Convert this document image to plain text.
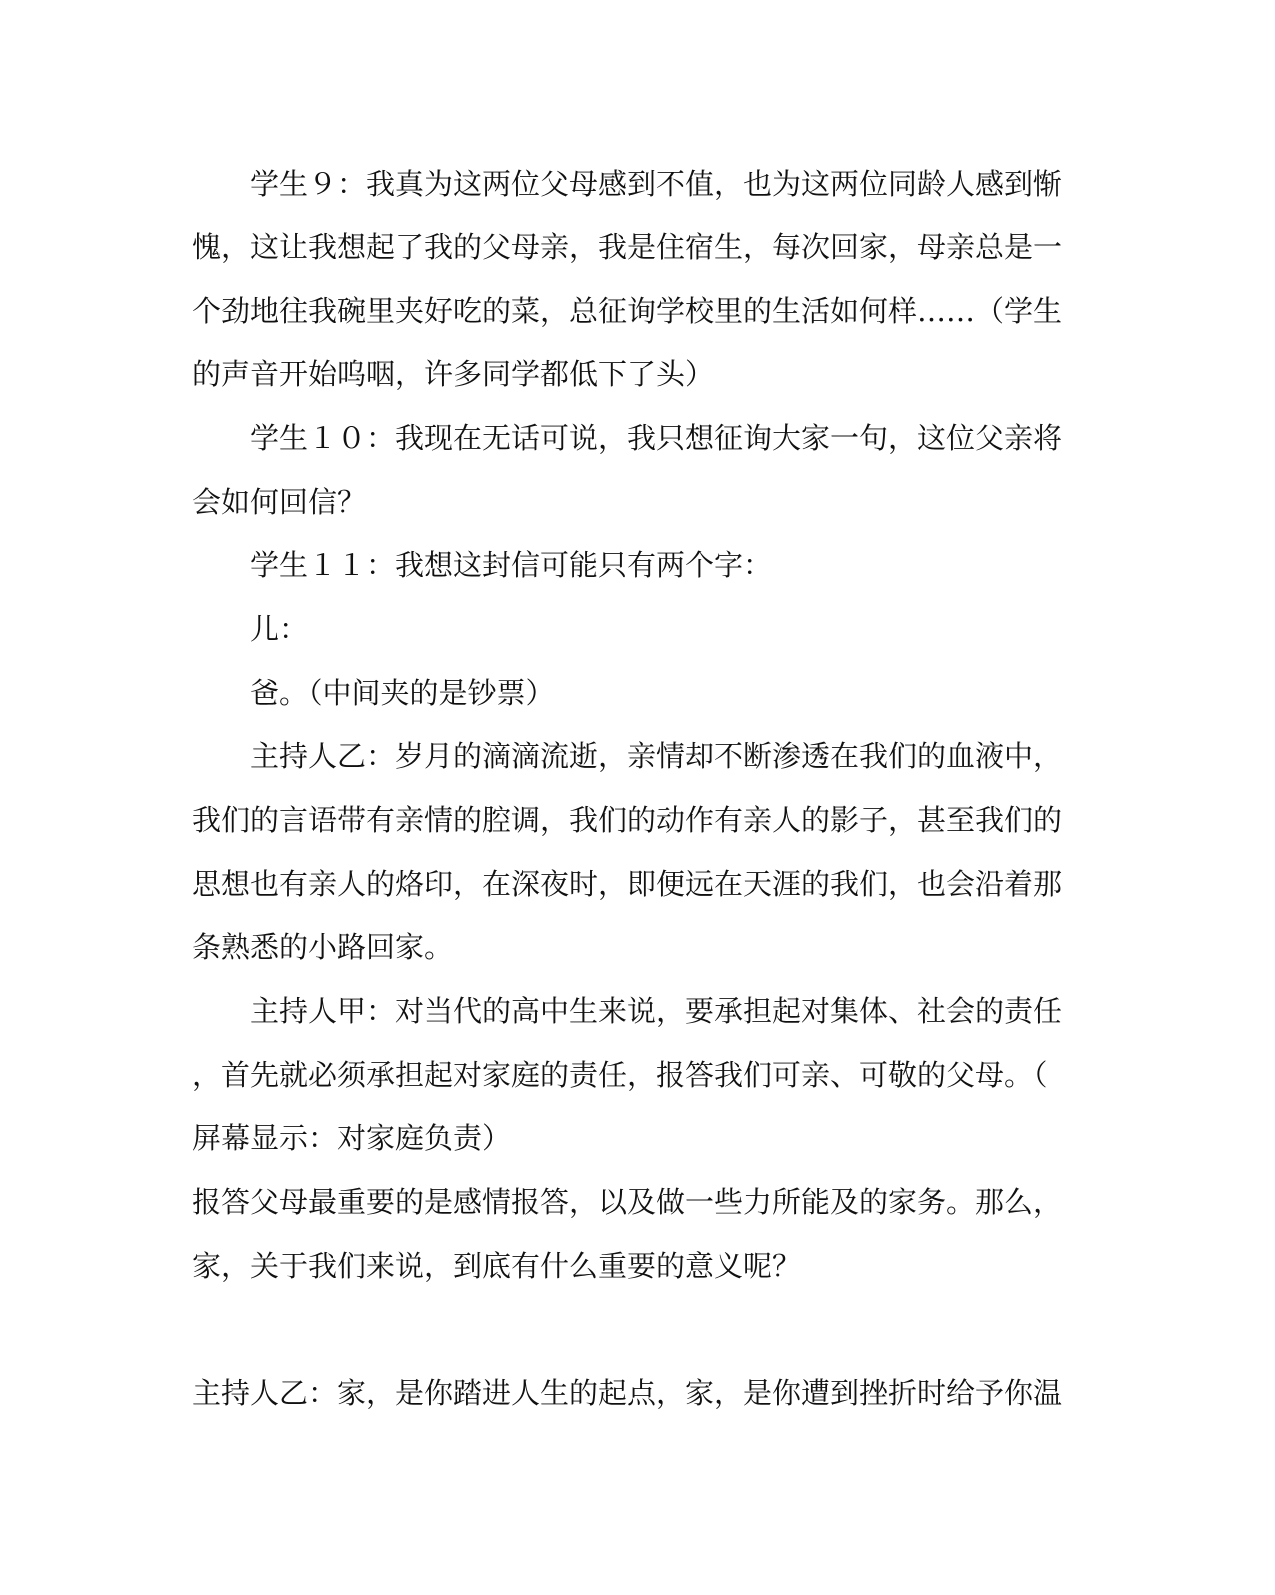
学生９：我真为这两位父母感到不值，也为这两位同龄人感到惭
愧，这让我想起了我的父母亲，我是住宿生，每次回家，母亲总是一
个劲地往我碗里夹好吃的菜，总征询学校里的生活如何样……（学生
的声音开始呜咽，许多同学都低下了头）
学生１０：我现在无话可说，我只想征询大家一句，这位父亲将
会如何回信？
学生１１：我想这封信可能只有两个字：
儿：
爸。（中间夹的是钞票）
主持人乙：岁月的滴滴流逝，亲情却不断渗透在我们的血液中，
我们的言语带有亲情的腔调，我们的动作有亲人的影子，甚至我们的
思想也有亲人的烙印，在深夜时，即便远在天涯的我们，也会沿着那
条熟悉的小路回家。
主持人甲：对当代的高中生来说，要承担起对集体、社会的责任
，首先就必须承担起对家庭的责任，报答我们可亲、可敬的父母。（
屏幕显示：对家庭负责）
报答父母最重要的是感情报答，以及做一些力所能及的家务。那么，
家，关于我们来说，到底有什么重要的意义呢？
主持人乙：家，是你踏进人生的起点，家，是你遭到挫折时给予你温
